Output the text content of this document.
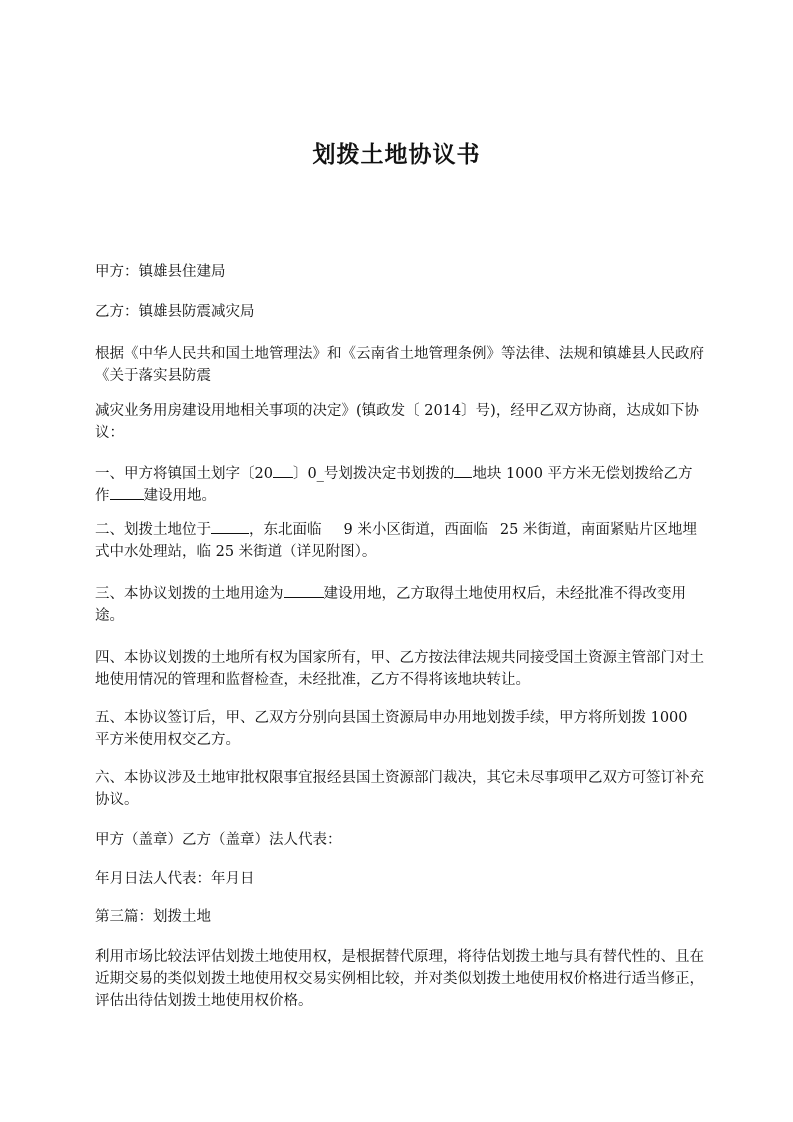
划拨土地协议书
甲方：镇雄县住建局
乙方：镇雄县防震减灾局
根据《中华人民共和国土地管理法》和《云南省土地管理条例》等法律、法规和镇雄县人民政府《关于落实县防震
减灾业务用房建设用地相关事项的决定》(镇政发〔 2014〕号)，经甲乙双方协商，达成如下协议：
一、甲方将镇国土划字〔20 〕0_号划拨决定书划拨的 地块 1000 平方米无偿划拨给乙方作 建设用地。
二、划拨土地位于	，东北面临 9 米小区街道，西面临 25 米街道，南面紧贴片区地埋式中水处理站，临 25 米街道（详见附图）。
三、本协议划拨的土地用途为	建设用地，乙方取得土地使用权后，未经批准不得改变用途。
四、本协议划拨的土地所有权为国家所有，甲、乙方按法律法规共同接受国土资源主管部门对土地使用情况的管理和监督检查，未经批准，乙方不得将该地块转让。
五、本协议签订后，甲、乙双方分别向县国土资源局申办用地划拨手续，甲方将所划拨 1000 平方米使用权交乙方。
六、本协议涉及土地审批权限事宜报经县国土资源部门裁决，其它未尽事项甲乙双方可签订补充协议。
甲方（盖章）乙方（盖章）法人代表：
年月日法人代表：年月日
第三篇：划拨土地
利用市场比较法评估划拨土地使用权，是根据替代原理，将待估划拨土地与具有替代性的、且在近期交易的类似划拨土地使用权交易实例相比较，并对类似划拨土地使用权价格进行适当修正，评估出待估划拨土地使用权价格。
